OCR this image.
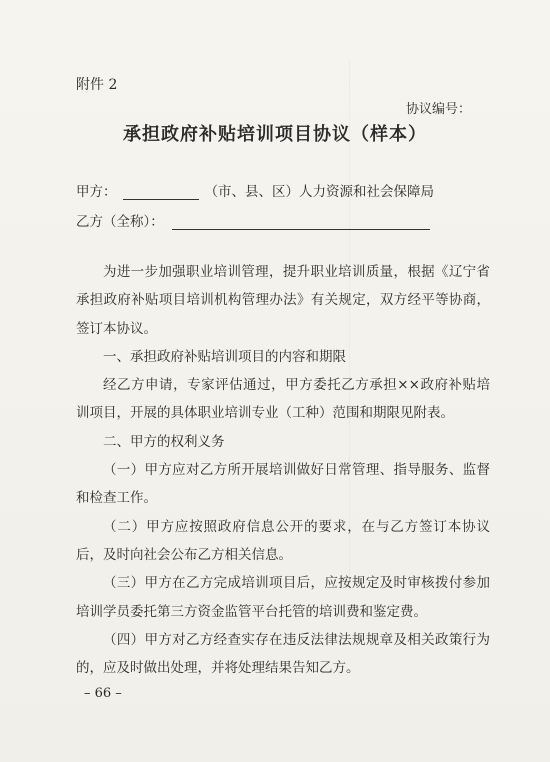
附件 2
协议编号：
承担政府补贴培训项目协议（样本）
甲方：	（市、县、区）人力资源和社会保障局
乙方（全称）：

为进一步加强职业培训管理，提升职业培训质量，根据《辽宁省承担政府补贴项目培训机构管理办法》有关规定，双方经平等协商，签订本协议。

一、承担政府补贴培训项目的内容和期限

经乙方申请，专家评估通过，甲方委托乙方承担××政府补贴培训项目，开展的具体职业培训专业（工种）范围和期限见附表。

二、甲方的权利义务

（一）甲方应对乙方所开展培训做好日常管理、指导服务、监督和检查工作。

（二）甲方应按照政府信息公开的要求，在与乙方签订本协议后，及时向社会公布乙方相关信息。

（三）甲方在乙方完成培训项目后，应按规定及时审核拨付参加培训学员委托第三方资金监管平台托管的培训费和鉴定费。

（四）甲方对乙方经查实存在违反法律法规规章及相关政策行为的，应及时做出处理，并将处理结果告知乙方。

– 66 –
